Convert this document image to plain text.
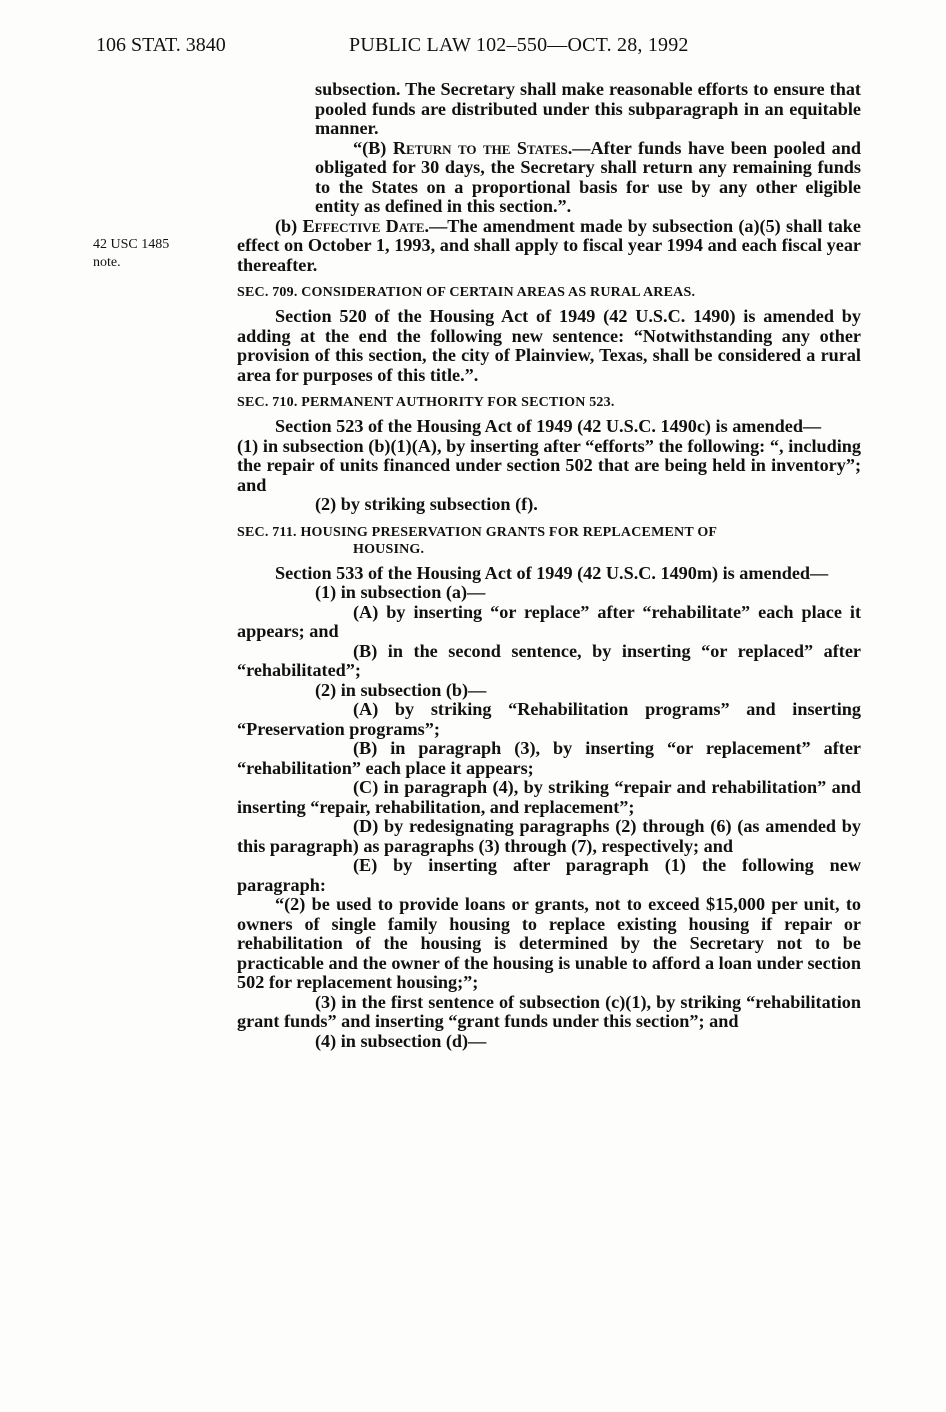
106 STAT. 3840	PUBLIC LAW 102–550—OCT. 28, 1992
42 USC 1485
note.

subsection. The Secretary shall make reasonable efforts to ensure that pooled funds are distributed under this subparagraph in an equitable manner.

“(B) Return to the States.—After funds have been pooled and obligated for 30 days, the Secretary shall return any remaining funds to the States on a proportional basis for use by any other eligible entity as defined in this section.”.

(b) Effective Date.—The amendment made by subsection (a)(5) shall take effect on October 1, 1993, and shall apply to fiscal year 1994 and each fiscal year thereafter.

SEC. 709. CONSIDERATION OF CERTAIN AREAS AS RURAL AREAS.

Section 520 of the Housing Act of 1949 (42 U.S.C. 1490) is amended by adding at the end the following new sentence: “Notwithstanding any other provision of this section, the city of Plainview, Texas, shall be considered a rural area for purposes of this title.”.

SEC. 710. PERMANENT AUTHORITY FOR SECTION 523.

Section 523 of the Housing Act of 1949 (42 U.S.C. 1490c) is amended—

(1) in subsection (b)(1)(A), by inserting after “efforts” the following: “, including the repair of units financed under section 502 that are being held in inventory”; and

(2) by striking subsection (f).

SEC. 711. HOUSING PRESERVATION GRANTS FOR REPLACEMENT OF
HOUSING.

Section 533 of the Housing Act of 1949 (42 U.S.C. 1490m) is amended—

(1) in subsection (a)—

(A) by inserting “or replace” after “rehabilitate” each place it appears; and

(B) in the second sentence, by inserting “or replaced” after “rehabilitated”;

(2) in subsection (b)—

(A) by striking “Rehabilitation programs” and inserting “Preservation programs”;

(B) in paragraph (3), by inserting “or replacement” after “rehabilitation” each place it appears;

(C) in paragraph (4), by striking “repair and rehabilitation” and inserting “repair, rehabilitation, and replacement”;

(D) by redesignating paragraphs (2) through (6) (as amended by this paragraph) as paragraphs (3) through (7), respectively; and

(E) by inserting after paragraph (1) the following new paragraph:

“(2) be used to provide loans or grants, not to exceed $15,000 per unit, to owners of single family housing to replace existing housing if repair or rehabilitation of the housing is determined by the Secretary not to be practicable and the owner of the housing is unable to afford a loan under section 502 for replacement housing;”;

(3) in the first sentence of subsection (c)(1), by striking “rehabilitation grant funds” and inserting “grant funds under this section”; and

(4) in subsection (d)—
